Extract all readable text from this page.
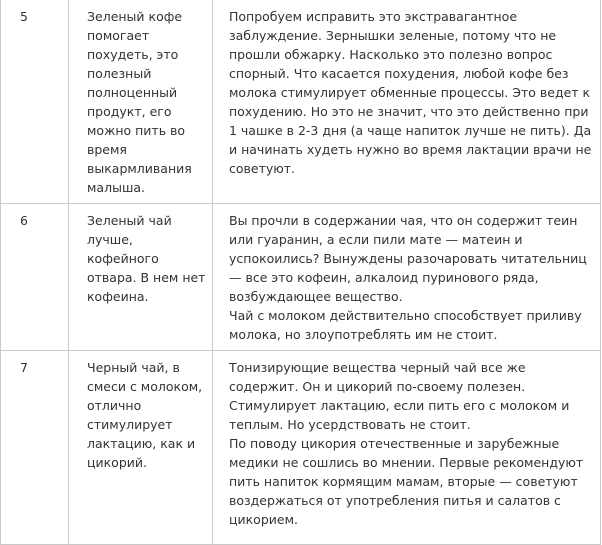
5	Зеленый кофе помогает похудеть, это полезный полноценный продукт, его можно пить во время выкармливания малыша.	Попробуем исправить это экстравагантное заблуждение. Зернышки зеленые, потому что не прошли обжарку. Насколько это полезно вопрос спорный. Что касается похудения, любой кофе без молока стимулирует обменные процессы. Это ведет к похудению. Но это не значит, что это действенно при 1 чашке в 2-3 дня (а чаще напиток лучше не пить). Да и начинать худеть нужно во время лактации врачи не советуют.

6	Зеленый чай лучше, кофейного отвара. В нем нет кофеина.	Вы прочли в содержании чая, что он содержит теин или гуаранин, а если пили мате — матеин и успокоились? Вынуждены разочаровать читательниц — все это кофеин, алкалоид пуринового ряда, возбуждающее вещество.
Чай с молоком действительно способствует приливу молока, но злоупотреблять им не стоит.

7	Черный чай, в смеси с молоком, отлично стимулирует лактацию, как и цикорий.	Тонизирующие вещества черный чай все же содержит. Он и цикорий по-своему полезен. Стимулирует лактацию, если пить его с молоком и теплым. Но усердствовать не стоит.
По поводу цикория отечественные и зарубежные медики не сошлись во мнении. Первые рекомендуют пить напиток кормящим мамам, вторые — советуют воздержаться от употребления питья и салатов с цикорием.
